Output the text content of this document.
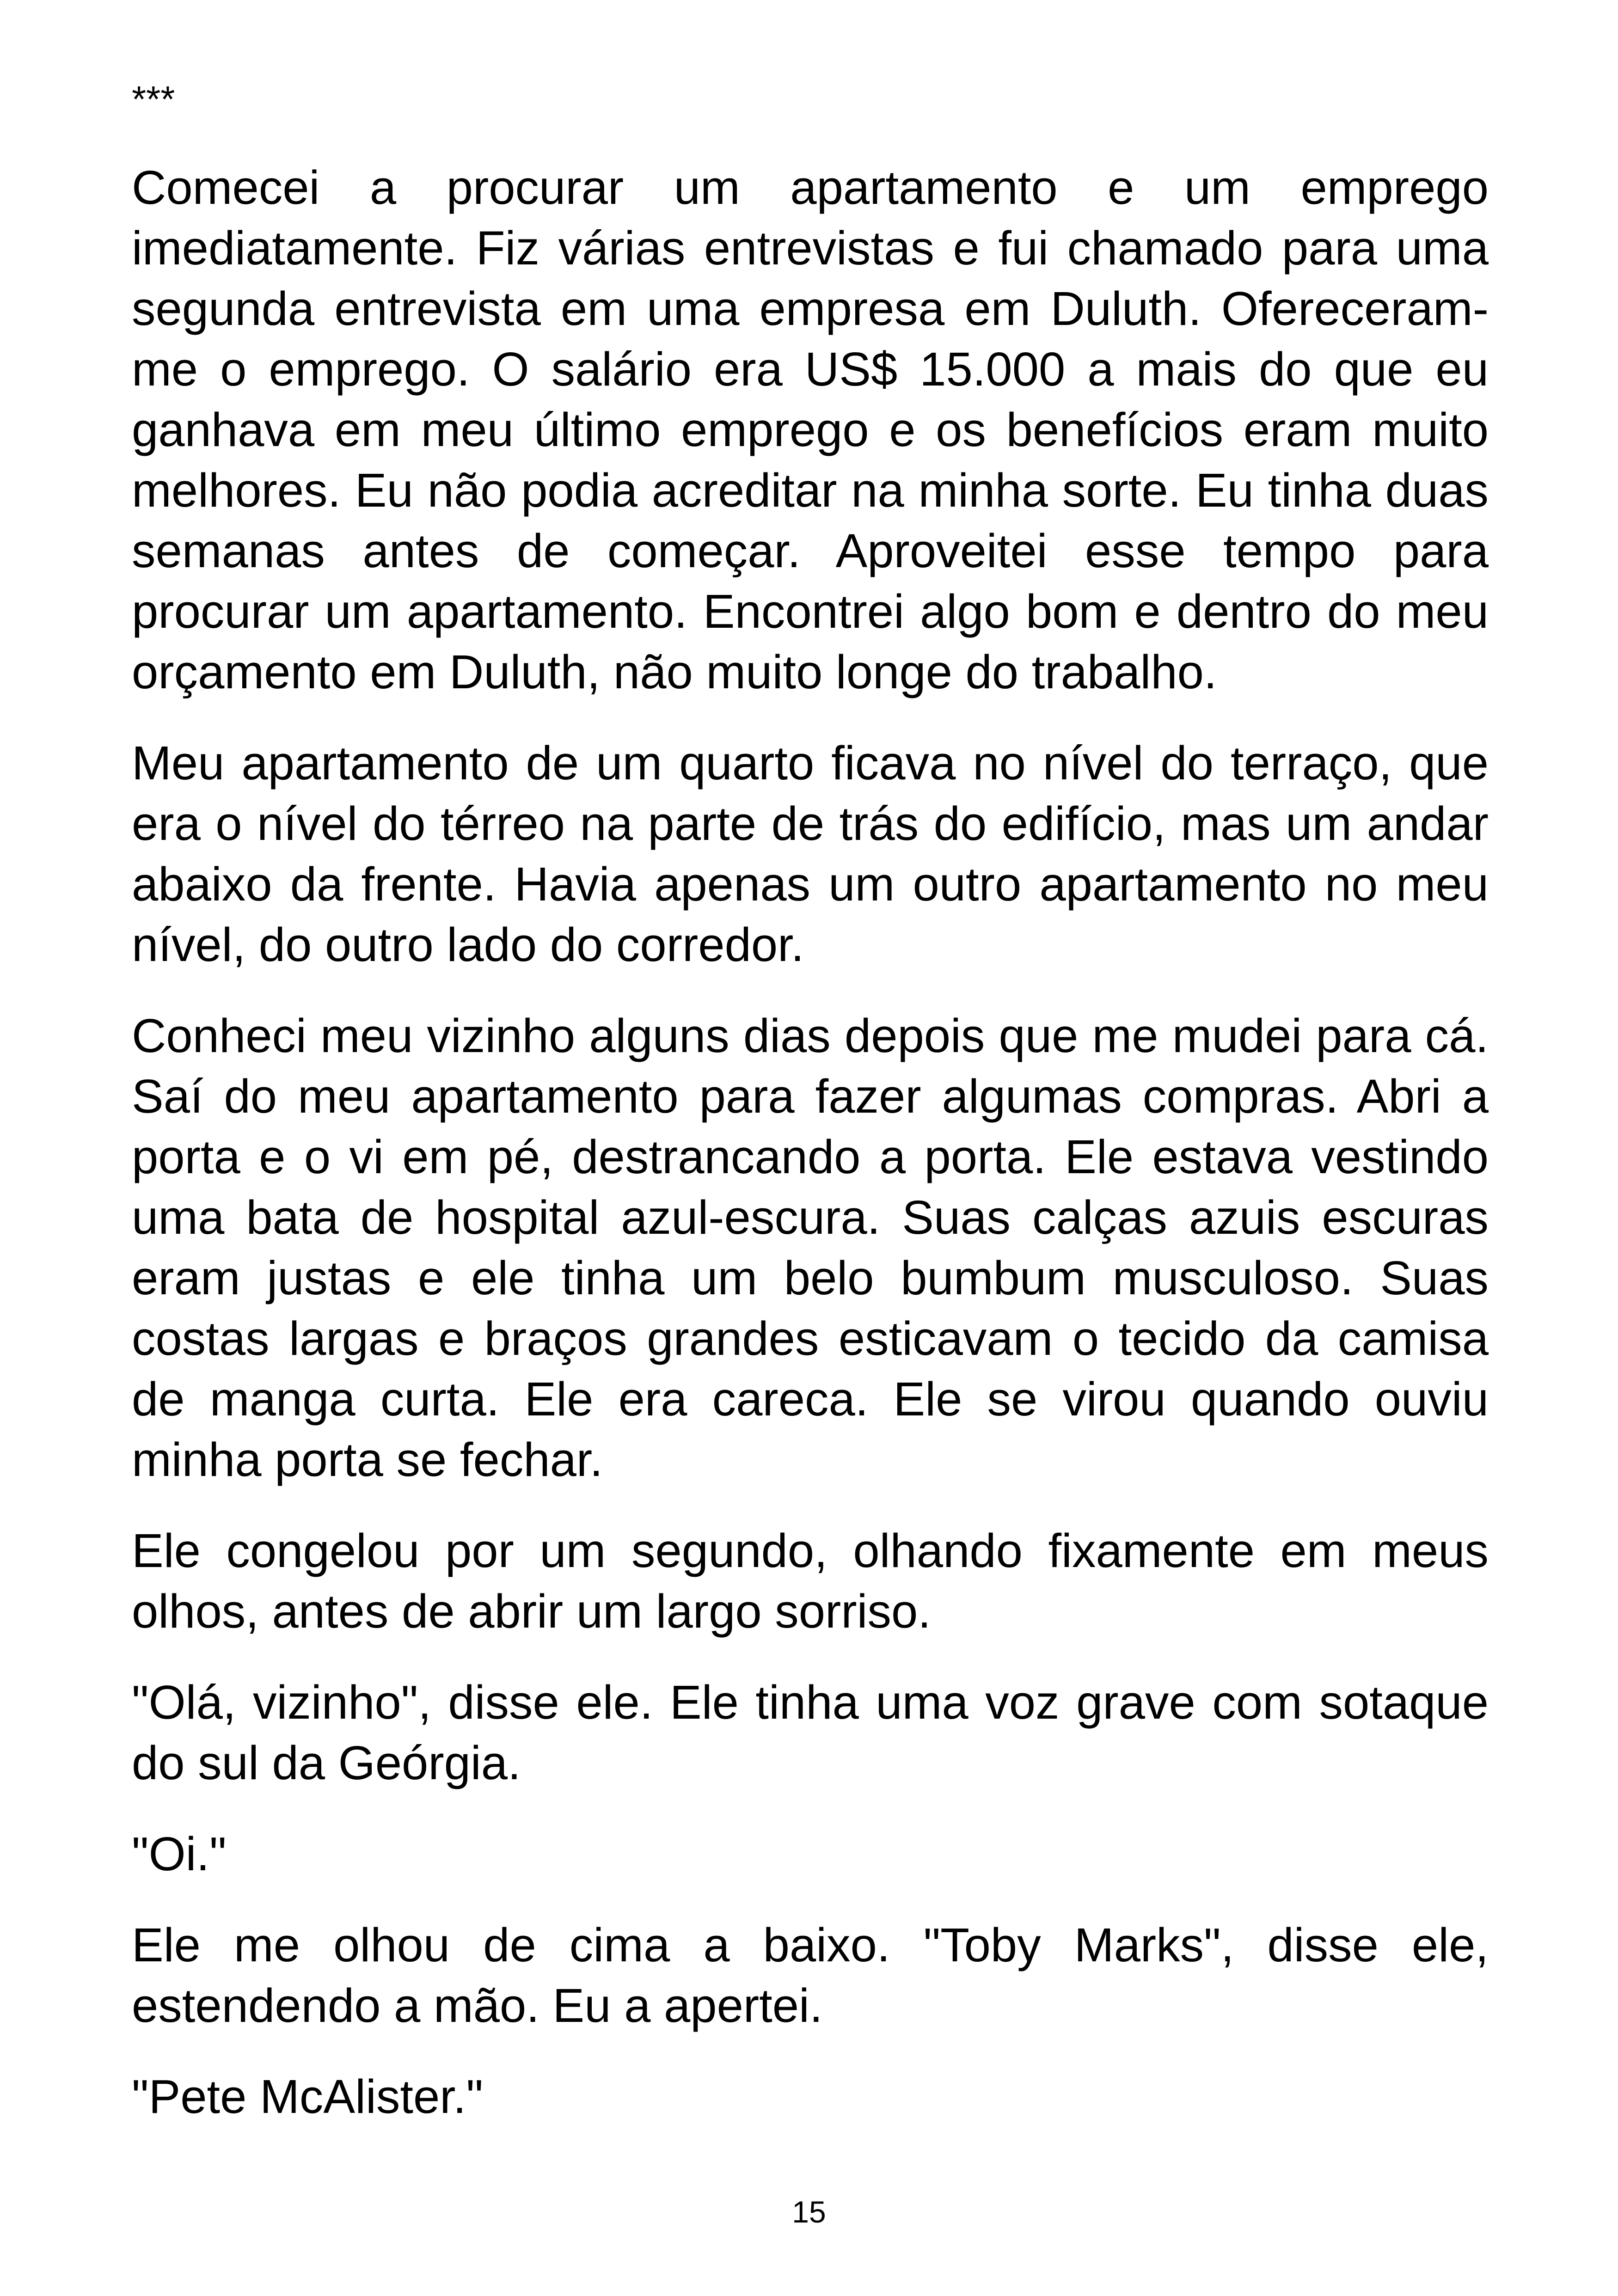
***

Comecei a procurar um apartamento e um emprego imediatamente. Fiz várias entrevistas e fui chamado para uma segunda entrevista em uma empresa em Duluth. Ofereceram-me o emprego. O salário era US$ 15.000 a mais do que eu ganhava em meu último emprego e os benefícios eram muito melhores. Eu não podia acreditar na minha sorte. Eu tinha duas semanas antes de começar. Aproveitei esse tempo para procurar um apartamento. Encontrei algo bom e dentro do meu orçamento em Duluth, não muito longe do trabalho.

Meu apartamento de um quarto ficava no nível do terraço, que era o nível do térreo na parte de trás do edifício, mas um andar abaixo da frente. Havia apenas um outro apartamento no meu nível, do outro lado do corredor.

Conheci meu vizinho alguns dias depois que me mudei para cá. Saí do meu apartamento para fazer algumas compras. Abri a porta e o vi em pé, destrancando a porta. Ele estava vestindo uma bata de hospital azul-escura. Suas calças azuis escuras eram justas e ele tinha um belo bumbum musculoso. Suas costas largas e braços grandes esticavam o tecido da camisa de manga curta. Ele era careca. Ele se virou quando ouviu minha porta se fechar.

Ele congelou por um segundo, olhando fixamente em meus olhos, antes de abrir um largo sorriso.

"Olá, vizinho", disse ele. Ele tinha uma voz grave com sotaque do sul da Geórgia.

"Oi."

Ele me olhou de cima a baixo. "Toby Marks", disse ele, estendendo a mão. Eu a apertei.

"Pete McAlister."

15
